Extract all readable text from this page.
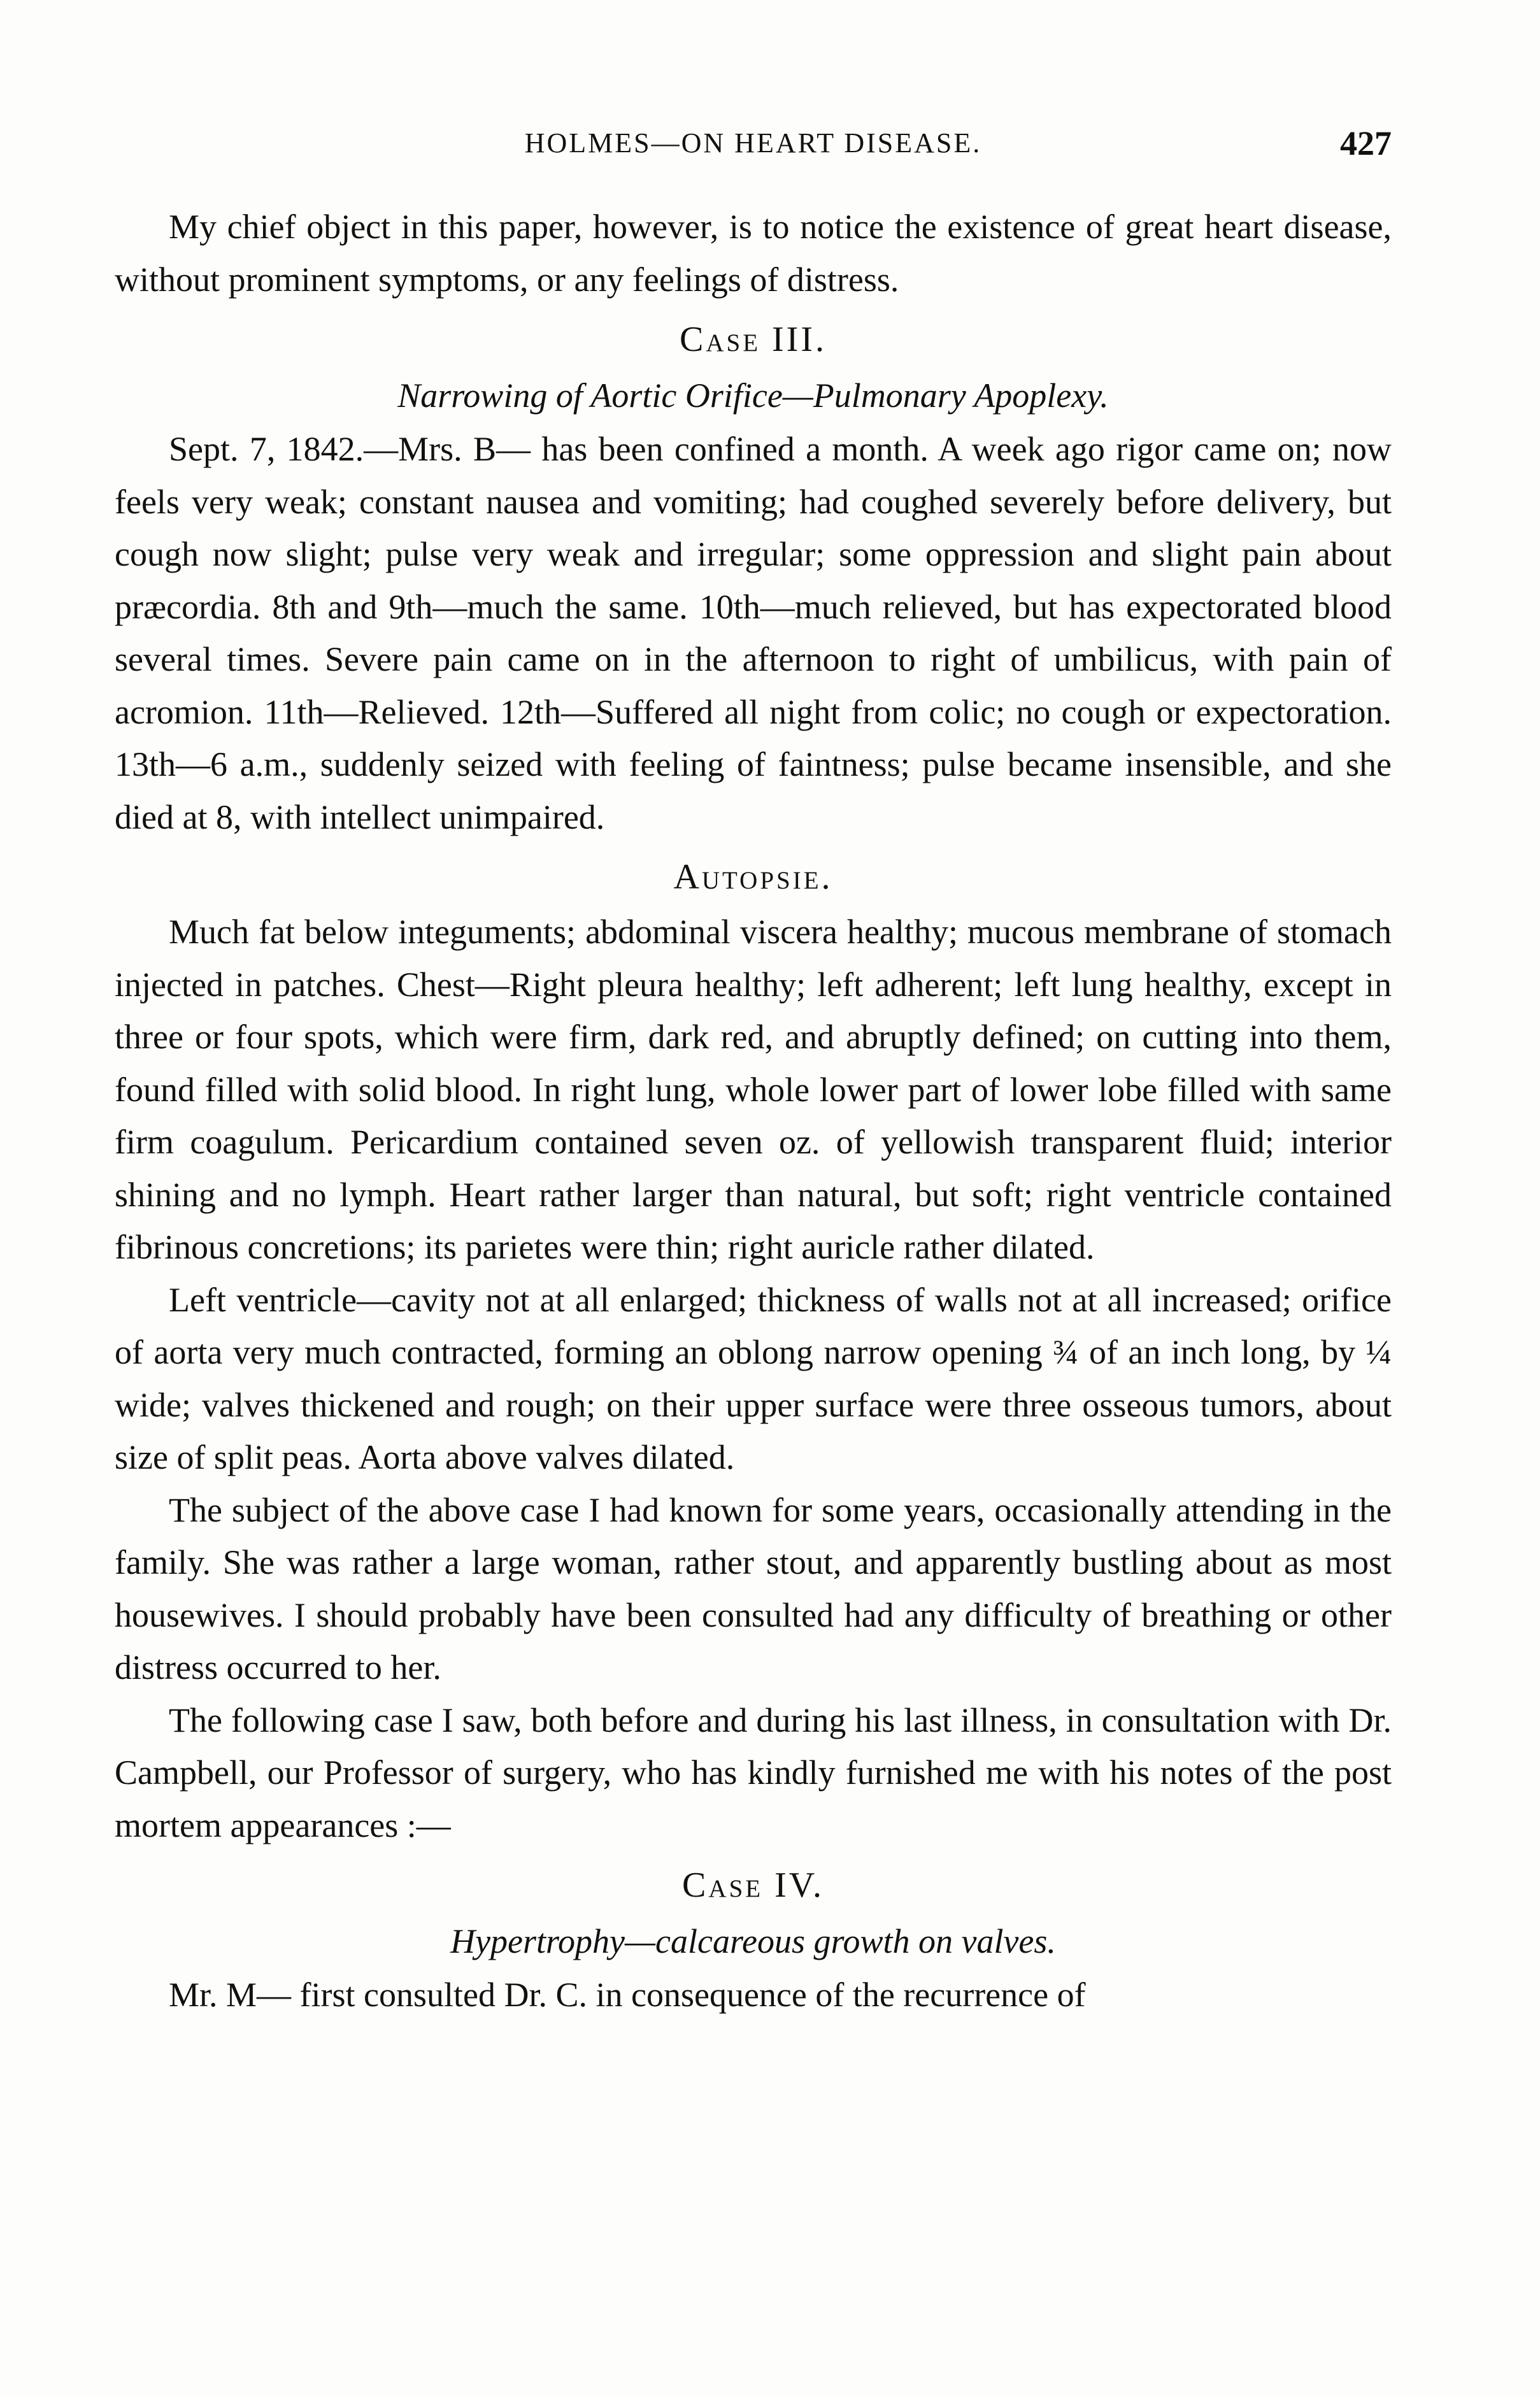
HOLMES—ON HEART DISEASE.	427

My chief object in this paper, however, is to notice the existence of great heart disease, without prominent symptoms, or any feelings of distress.

Case III.
Narrowing of Aortic Orifice—Pulmonary Apoplexy.

Sept. 7, 1842.—Mrs. B— has been confined a month. A week ago rigor came on; now feels very weak; constant nausea and vomiting; had coughed severely before delivery, but cough now slight; pulse very weak and irregular; some oppression and slight pain about præcordia. 8th and 9th—much the same. 10th—much relieved, but has expectorated blood several times. Severe pain came on in the afternoon to right of umbilicus, with pain of acromion. 11th—Relieved. 12th—Suffered all night from colic; no cough or expectoration. 13th—6 a.m., suddenly seized with feeling of faintness; pulse became insensible, and she died at 8, with intellect unimpaired.

Autopsie.

Much fat below integuments; abdominal viscera healthy; mucous membrane of stomach injected in patches. Chest—Right pleura healthy; left adherent; left lung healthy, except in three or four spots, which were firm, dark red, and abruptly defined; on cutting into them, found filled with solid blood. In right lung, whole lower part of lower lobe filled with same firm coagulum. Pericardium contained seven oz. of yellowish transparent fluid; interior shining and no lymph. Heart rather larger than natural, but soft; right ventricle contained fibrinous concretions; its parietes were thin; right auricle rather dilated.

Left ventricle—cavity not at all enlarged; thickness of walls not at all increased; orifice of aorta very much contracted, forming an oblong narrow opening ¾ of an inch long, by ¼ wide; valves thickened and rough; on their upper surface were three osseous tumors, about size of split peas. Aorta above valves dilated.

The subject of the above case I had known for some years, occasionally attending in the family. She was rather a large woman, rather stout, and apparently bustling about as most housewives. I should probably have been consulted had any difficulty of breathing or other distress occurred to her.

The following case I saw, both before and during his last illness, in consultation with Dr. Campbell, our Professor of surgery, who has kindly furnished me with his notes of the post mortem appearances :—

Case IV.
Hypertrophy—calcareous growth on valves.

Mr. M— first consulted Dr. C. in consequence of the recurrence of
